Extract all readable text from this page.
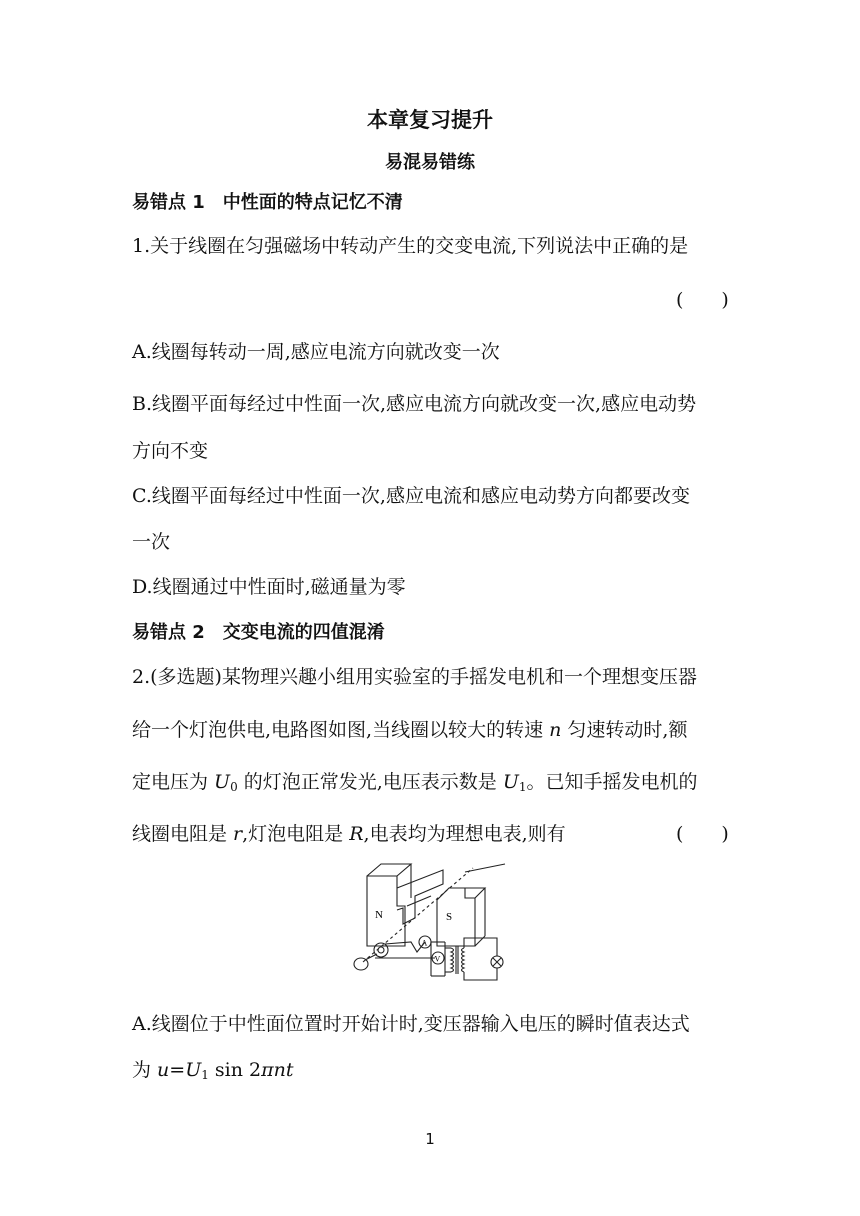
本章复习提升
易混易错练
易错点 1　中性面的特点记忆不清
1.关于线圈在匀强磁场中转动产生的交变电流,下列说法中正确的是
(　　)
A.线圈每转动一周,感应电流方向就改变一次
B.线圈平面每经过中性面一次,感应电流方向就改变一次,感应电动势
方向不变
C.线圈平面每经过中性面一次,感应电流和感应电动势方向都要改变
一次
D.线圈通过中性面时,磁通量为零
易错点 2　交变电流的四值混淆
2.(多选题)某物理兴趣小组用实验室的手摇发电机和一个理想变压器
给一个灯泡供电,电路图如图,当线圈以较大的转速 n 匀速转动时,额
定电压为 $U_0$ 的灯泡正常发光,电压表示数是 $U_1$。已知手摇发电机的
线圈电阻是 r,灯泡电阻是 R,电表均为理想电表,则有	(　　)
N	S
A
V
A.线圈位于中性面位置时开始计时,变压器输入电压的瞬时值表达式
为 $u=U_1$ sin 2πnt
1
